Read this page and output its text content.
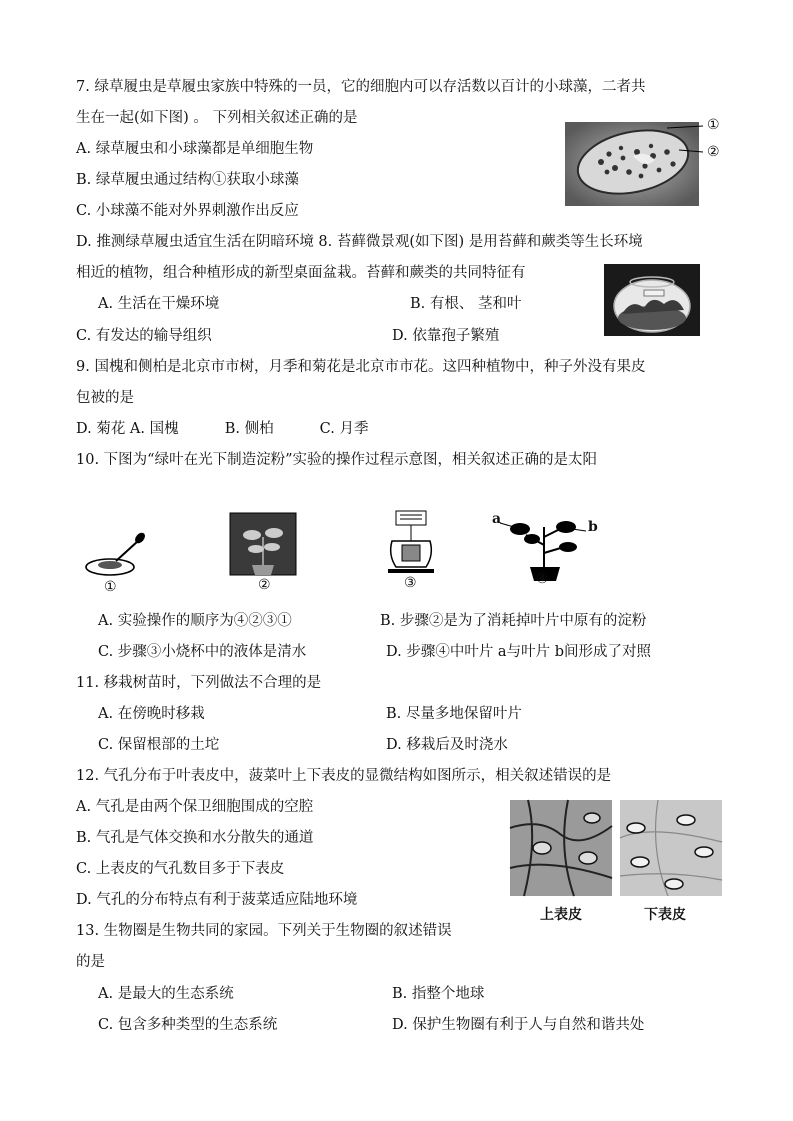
7. 绿草履虫是草履虫家族中特殊的一员，它的细胞内可以存活数以百计的小球藻，二者共
生在一起(如下图) 。 下列相关叙述正确的是
A. 绿草履虫和小球藻都是单细胞生物
B. 绿草履虫通过结构①获取小球藻
C. 小球藻不能对外界刺激作出反应
D. 推测绿草履虫适宜生活在阴暗环境 8. 苔藓微景观(如下图) 是用苔藓和蕨类等生长环境
①
②
相近的植物，组合种植形成的新型桌面盆栽。苔藓和蕨类的共同特征有
A. 生活在干燥环境	B. 有根、 茎和叶
C. 有发达的输导组织	D. 依靠孢子繁殖
9. 国槐和侧柏是北京市市树，月季和菊花是北京市市花。这四种植物中，种子外没有果皮
包被的是
D. 菊花 A. 国槐          B. 侧柏          C. 月季
10. 下图为“绿叶在光下制造淀粉”实验的操作过程示意图，相关叙述正确的是太阳
a	b
①	②	③	④
A. 实验操作的顺序为④②③①	B. 步骤②是为了消耗掉叶片中原有的淀粉
C. 步骤③小烧杯中的液体是清水	D. 步骤④中叶片 a与叶片 b间形成了对照
11. 移栽树苗时，下列做法不合理的是
A. 在傍晚时移栽	B. 尽量多地保留叶片
C. 保留根部的土坨	D. 移栽后及时浇水
12. 气孔分布于叶表皮中，菠菜叶上下表皮的显微结构如图所示，相关叙述错误的是
A. 气孔是由两个保卫细胞围成的空腔
B. 气孔是气体交换和水分散失的通道
C. 上表皮的气孔数目多于下表皮
D. 气孔的分布特点有利于菠菜适应陆地环境
上表皮	下表皮
13. 生物圈是生物共同的家园。下列关于生物圈的叙述错误
的是
A. 是最大的生态系统	B. 指整个地球
C. 包含多种类型的生态系统	D. 保护生物圈有利于人与自然和谐共处
